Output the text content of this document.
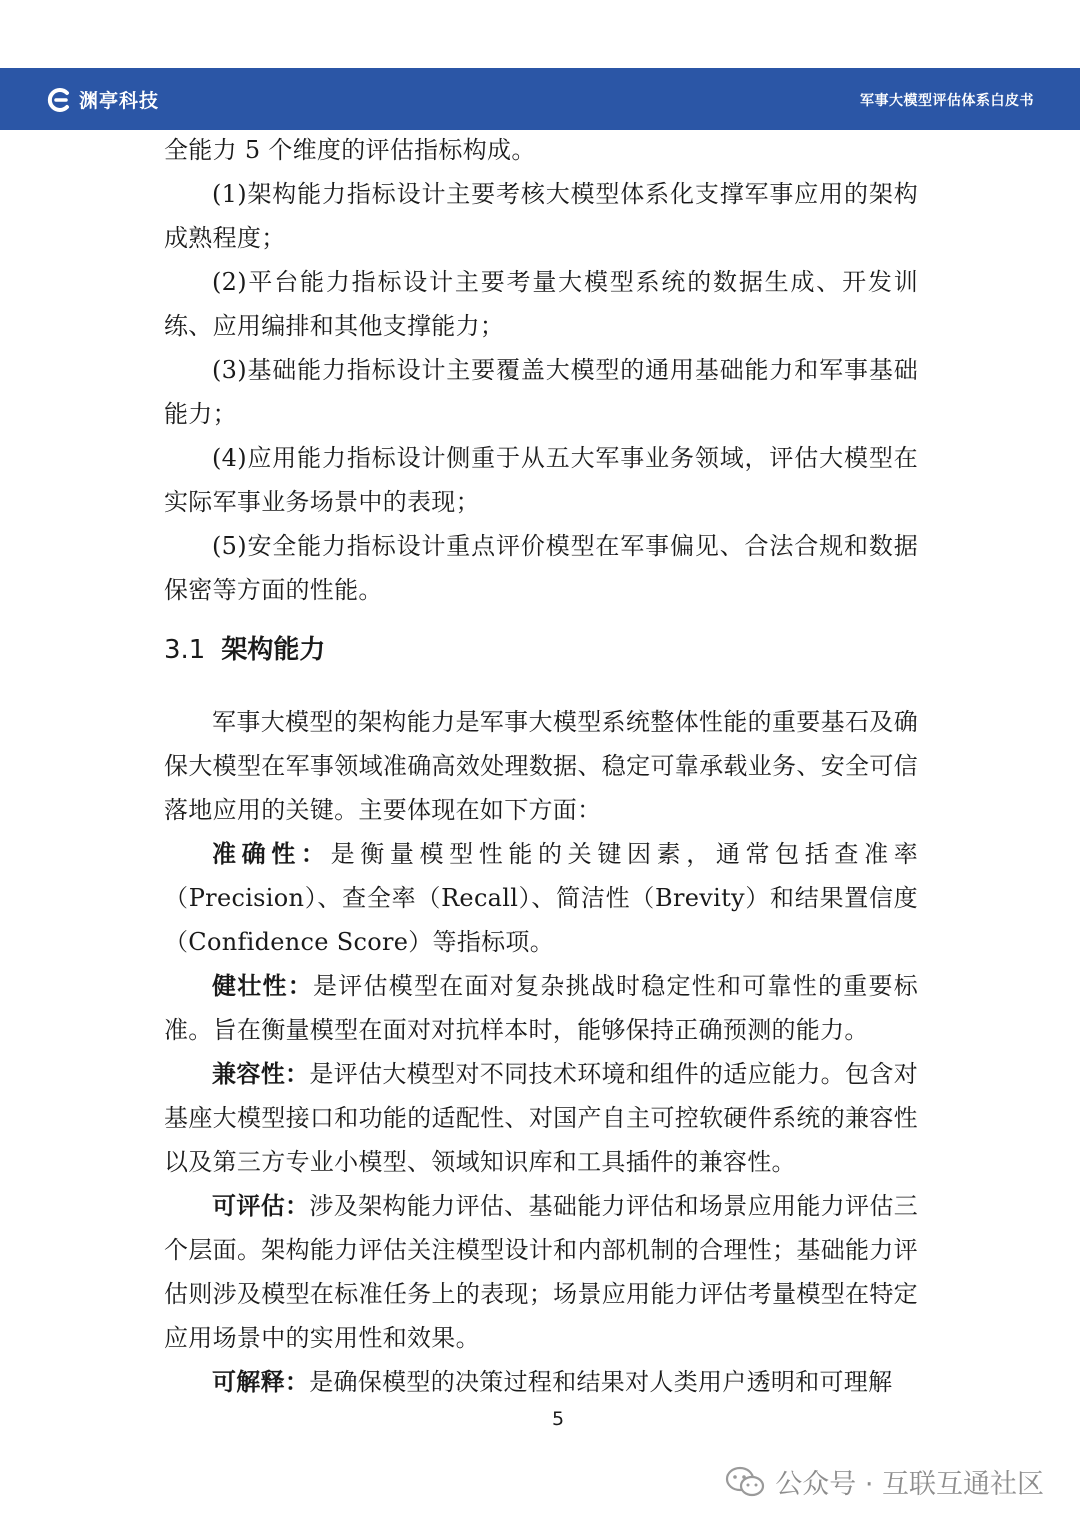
渊亭科技	军事大模型评估体系白皮书

全能力 5 个维度的评估指标构成。

(1)架构能力指标设计主要考核大模型体系化支撑军事应用的架构成熟程度；

(2)平台能力指标设计主要考量大模型系统的数据生成、开发训练、应用编排和其他支撑能力；

(3)基础能力指标设计主要覆盖大模型的通用基础能力和军事基础能力；

(4)应用能力指标设计侧重于从五大军事业务领域，评估大模型在实际军事业务场景中的表现；

(5)安全能力指标设计重点评价模型在军事偏见、合法合规和数据保密等方面的性能。

3.1 架构能力

军事大模型的架构能力是军事大模型系统整体性能的重要基石及确保大模型在军事领域准确高效处理数据、稳定可靠承载业务、安全可信落地应用的关键。主要体现在如下方面：

准确性：是衡量模型性能的关键因素，通常包括查准率（Precision）、查全率（Recall）、简洁性（Brevity）和结果置信度（Confidence Score）等指标项。

健壮性：是评估模型在面对复杂挑战时稳定性和可靠性的重要标准。旨在衡量模型在面对对抗样本时，能够保持正确预测的能力。

兼容性：是评估大模型对不同技术环境和组件的适应能力。包含对基座大模型接口和功能的适配性、对国产自主可控软硬件系统的兼容性以及第三方专业小模型、领域知识库和工具插件的兼容性。

可评估：涉及架构能力评估、基础能力评估和场景应用能力评估三个层面。架构能力评估关注模型设计和内部机制的合理性；基础能力评估则涉及模型在标准任务上的表现；场景应用能力评估考量模型在特定应用场景中的实用性和效果。

可解释：是确保模型的决策过程和结果对人类用户透明和可理解

5
公众号 · 互联互通社区
